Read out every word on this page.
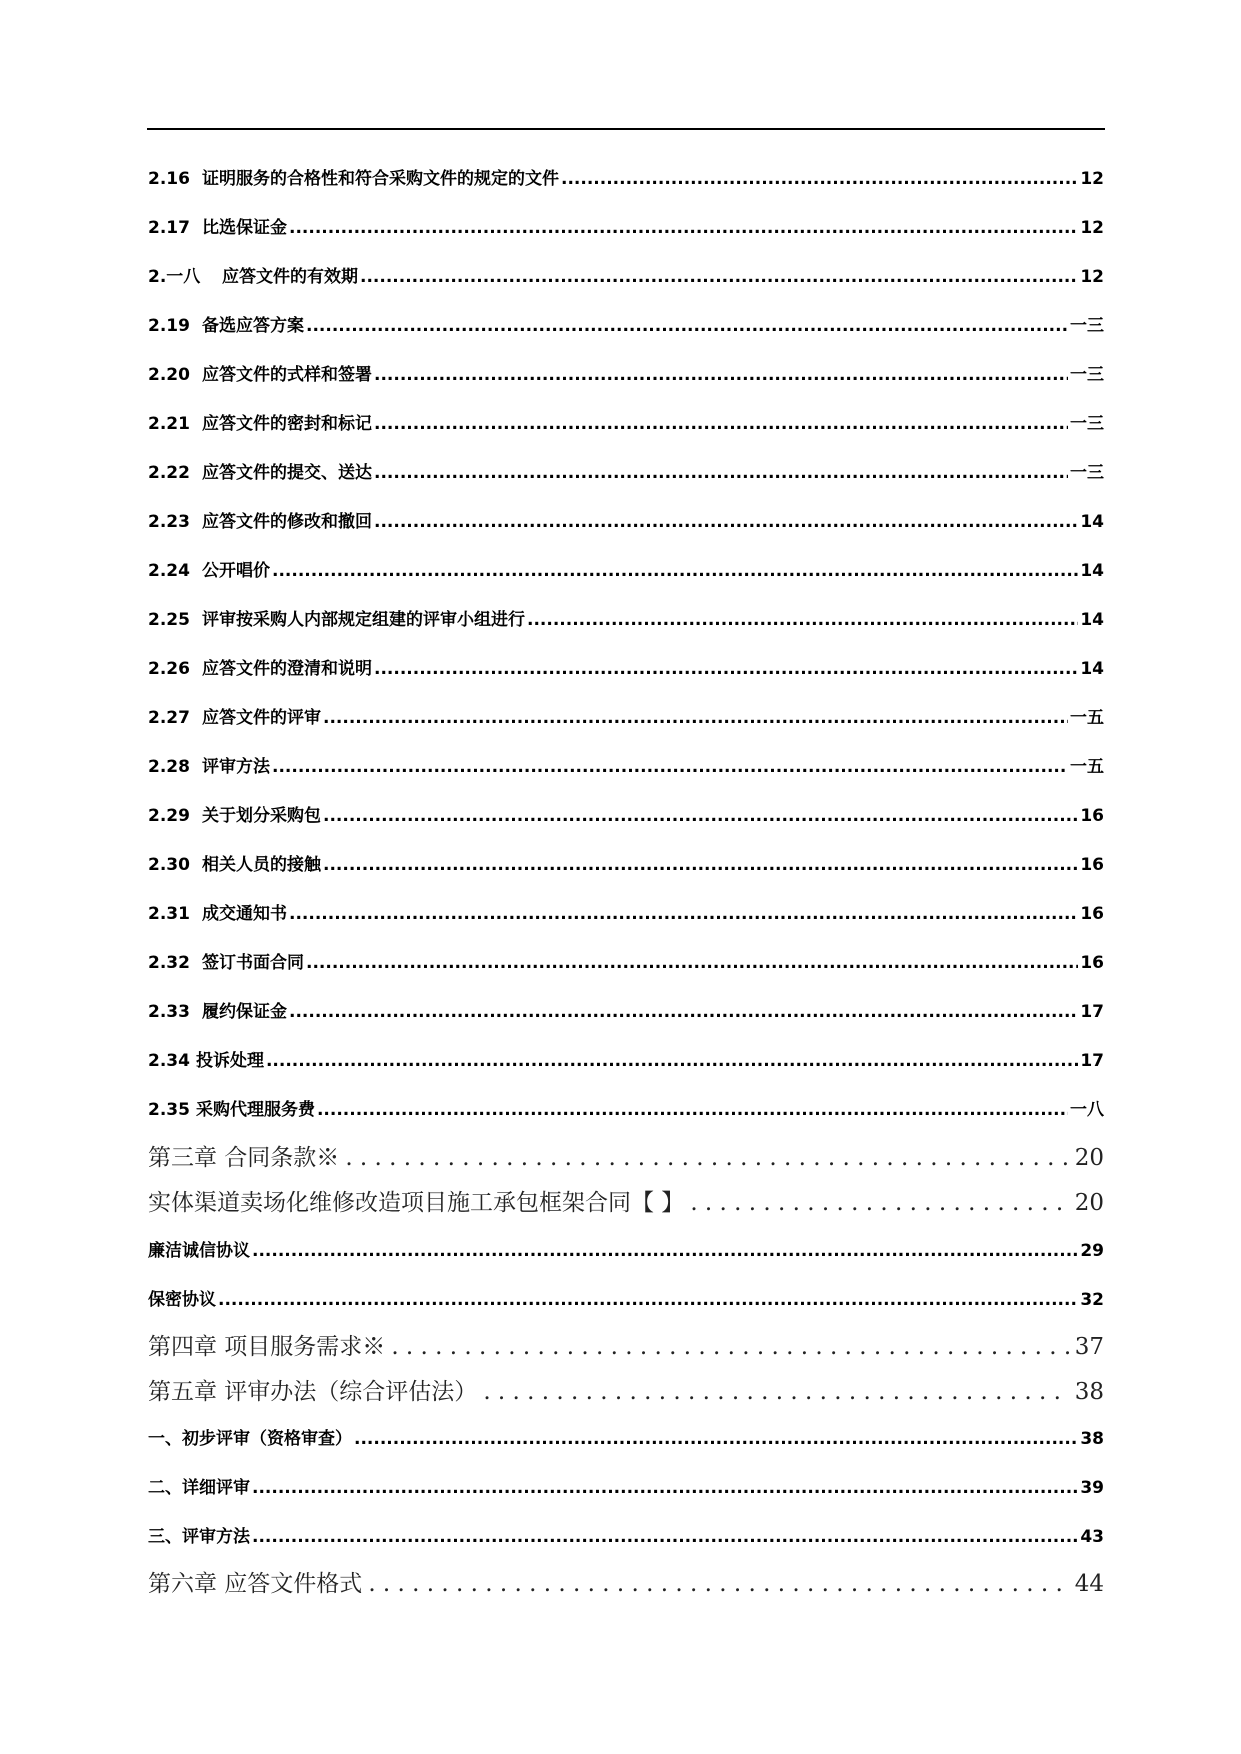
2.16 证明服务的合格性和符合采购文件的规定的文件 .....	12
2.17 比选保证金 .....	12
2.一八	应答文件的有效期 .....	12
2.19 备选应答方案 .....	一三
2.20 应答文件的式样和签署 .....	一三
2.21 应答文件的密封和标记 .....	一三
2.22 应答文件的提交、送达 .....	一三
2.23 应答文件的修改和撤回 .....	14
2.24 公开唱价 .....	14
2.25 评审按采购人内部规定组建的评审小组进行 .....	14
2.26 应答文件的澄清和说明 .....	14
2.27 应答文件的评审 .....	一五
2.28 评审方法 .....	一五
2.29 关于划分采购包 .....	16
2.30 相关人员的接触 .....	16
2.31 成交通知书 .....	16
2.32 签订书面合同 .....	16
2.33 履约保证金 .....	17
2.34 投诉处理 .....	17
2.35 采购代理服务费 .....	一八
第三章 合同条款※ . . .	20
实体渠道卖场化维修改造项目施工承包框架合同【 】 . . .	20
廉洁诚信协议 .....	29
保密协议 .....	32
第四章 项目服务需求※ . . .	37
第五章 评审办法（综合评估法） . . .	38
一、初步评审（资格审查） .....	38
二、详细评审 .....	39
三、评审方法 .....	43
第六章 应答文件格式 . . .	44
